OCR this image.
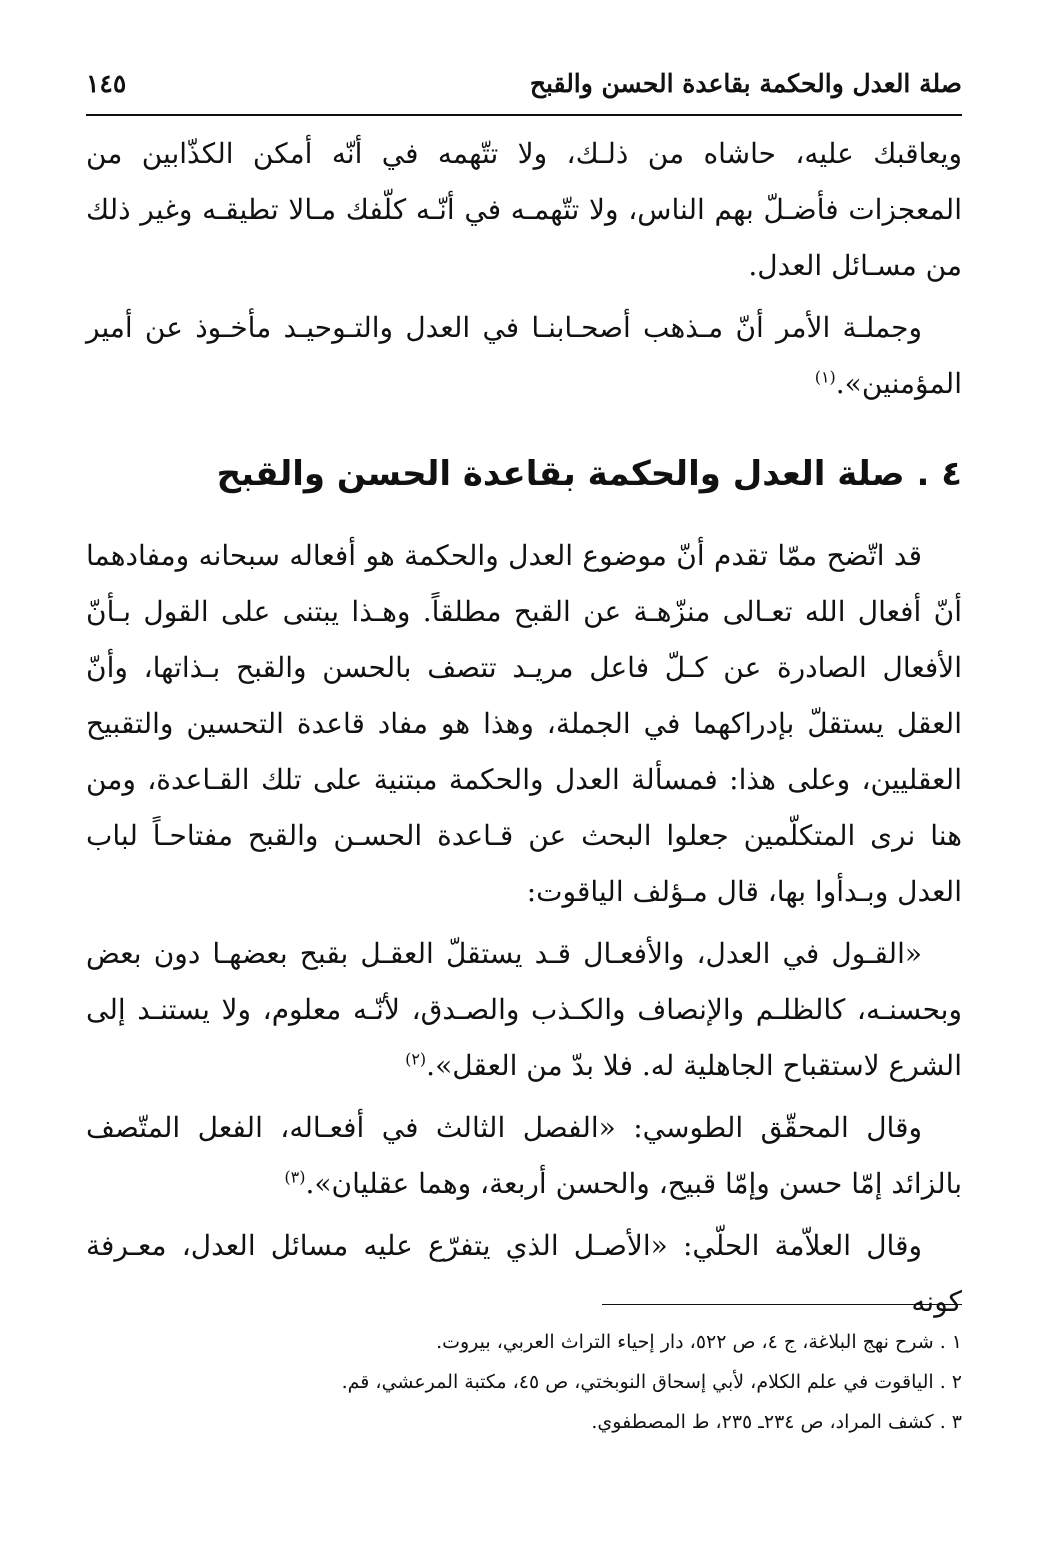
صلة العدل والحكمة بقاعدة الحسن والقبح
١٤٥

ويعاقبك عليه، حاشاه من ذلـك، ولا تتّهمه في أنّه أمكن الكذّابين من المعجزات فأضـلّ بهم الناس، ولا تتّهمـه في أنّـه كلّفك مـالا تطيقـه وغير ذلك من مسـائل العدل.

وجملـة الأمر أنّ مـذهب أصحـابنـا في العدل والتـوحيـد مأخـوذ عن أمير المؤمنين».$^{(١)}$

٤ . صلة العدل والحكمة بقاعدة الحسن والقبح

قد اتّضح ممّا تقدم أنّ موضوع العدل والحكمة هو أفعاله سبحانه ومفادهما أنّ أفعال الله تعـالى منزّهـة عن القبح مطلقاً. وهـذا يبتنى على القول بـأنّ الأفعال الصادرة عن كـلّ فاعل مريـد تتصف بالحسن والقبح بـذاتها، وأنّ العقل يستقلّ بإدراكهما في الجملة، وهذا هو مفاد قاعدة التحسين والتقبيح العقليين، وعلى هذا: فمسألة العدل والحكمة مبتنية على تلك القـاعدة، ومن هنا نرى المتكلّمين جعلوا البحث عن قـاعدة الحسـن والقبح مفتاحـاً لباب العدل وبـدأوا بها، قال مـؤلف الياقوت:

«القـول في العدل، والأفعـال قـد يستقلّ العقـل بقبح بعضهـا دون بعض وبحسنـه، كالظلـم والإنصاف والكـذب والصـدق، لأنّـه معلوم، ولا يستنـد إلى الشرع لاستقباح الجاهلية له. فلا بدّ من العقل».$^{(٢)}$

وقال المحقّق الطوسي: «الفصل الثالث في أفعـاله، الفعل المتّصف بالزائد إمّا حسن وإمّا قبيح، والحسن أربعة، وهما عقليان».$^{(٣)}$

وقال العلاّمة الحلّي: «الأصـل الذي يتفرّع عليه مسائل العدل، معـرفة كونه

١ . شرح نهج البلاغة، ج ٤، ص ٥٢٢، دار إحياء التراث العربي، بيروت.
٢ . الياقوت في علم الكلام، لأبي إسحاق النوبختي، ص ٤٥، مكتبة المرعشي، قم.
٣ . كشف المراد، ص ٢٣٤ـ ٢٣٥، ط المصطفوي.
